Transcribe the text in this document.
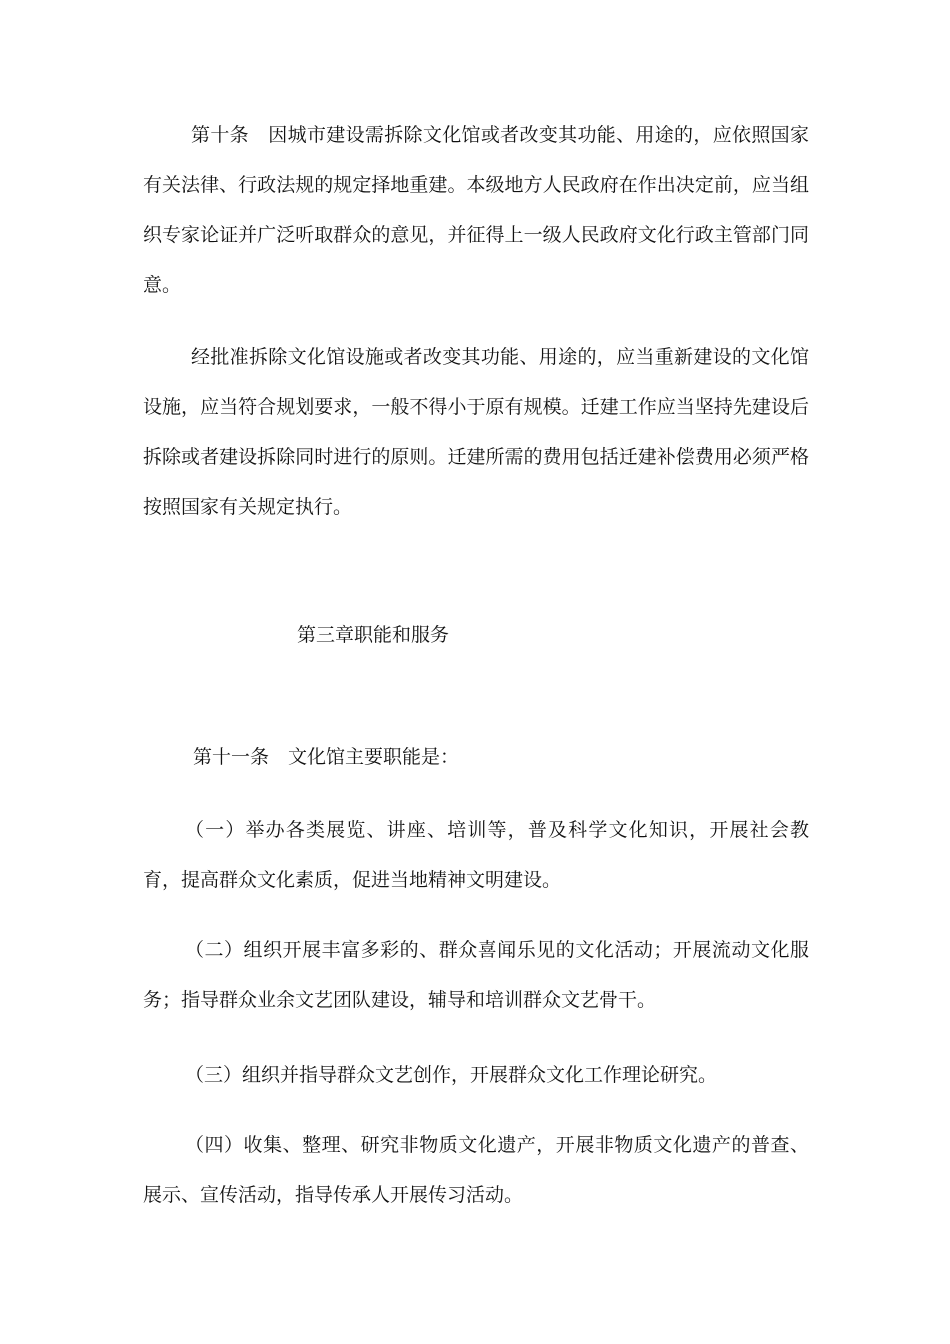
第十条　因城市建设需拆除文化馆或者改变其功能、用途的，应依照国家有关法律、行政法规的规定择地重建。本级地方人民政府在作出决定前，应当组织专家论证并广泛听取群众的意见，并征得上一级人民政府文化行政主管部门同意。

经批准拆除文化馆设施或者改变其功能、用途的，应当重新建设的文化馆设施，应当符合规划要求，一般不得小于原有规模。迁建工作应当坚持先建设后拆除或者建设拆除同时进行的原则。迁建所需的费用包括迁建补偿费用必须严格按照国家有关规定执行。

第三章职能和服务

第十一条　文化馆主要职能是：

（一）举办各类展览、讲座、培训等，普及科学文化知识，开展社会教育，提高群众文化素质，促进当地精神文明建设。

（二）组织开展丰富多彩的、群众喜闻乐见的文化活动；开展流动文化服务；指导群众业余文艺团队建设，辅导和培训群众文艺骨干。

（三）组织并指导群众文艺创作，开展群众文化工作理论研究。

（四）收集、整理、研究非物质文化遗产，开展非物质文化遗产的普查、展示、宣传活动，指导传承人开展传习活动。
